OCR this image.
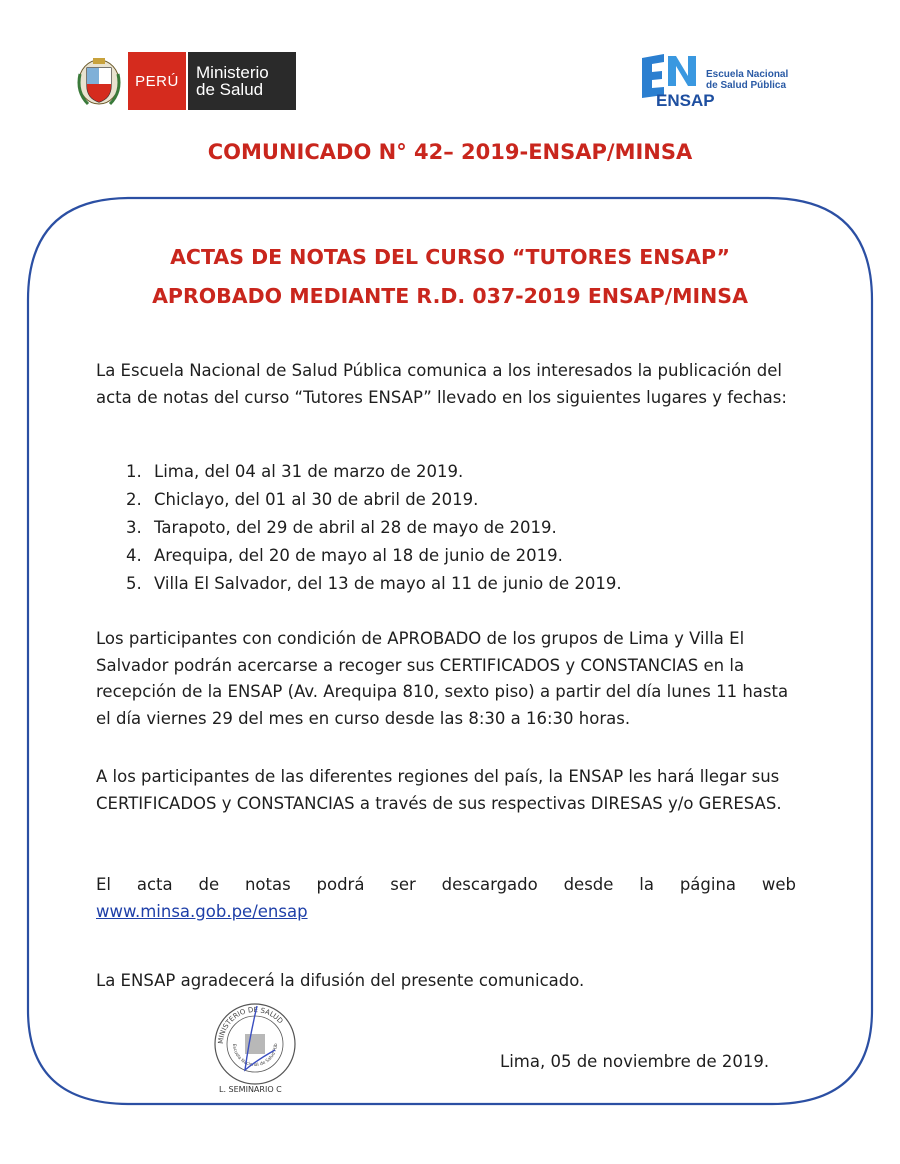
PERÚ	Ministerio
de Salud
ENSAP
Escuela Nacional
de Salud Pública
COMUNICADO N° 42– 2019-ENSAP/MINSA
ACTAS DE NOTAS DEL CURSO “TUTORES ENSAP”
APROBADO MEDIANTE R.D. 037-2019 ENSAP/MINSA
La Escuela Nacional de Salud Pública comunica a los interesados la publicación del acta de notas del curso “Tutores ENSAP” llevado en los siguientes lugares y fechas:
1. Lima, del 04 al 31 de marzo de 2019.
2. Chiclayo, del 01 al 30 de abril de 2019.
3. Tarapoto, del 29 de abril al 28 de mayo de 2019.
4. Arequipa, del 20 de mayo al 18 de junio de 2019.
5. Villa El Salvador, del 13 de mayo al 11 de junio de 2019.
Los participantes con condición de APROBADO de los grupos de Lima y Villa El Salvador podrán acercarse a recoger sus CERTIFICADOS y CONSTANCIAS en la recepción de la ENSAP (Av. Arequipa 810, sexto piso) a partir del día lunes 11 hasta el día viernes 29 del mes en curso desde las 8:30 a 16:30 horas.
A los participantes de las diferentes regiones del país, la ENSAP les hará llegar sus CERTIFICADOS y CONSTANCIAS a través de sus respectivas DIRESAS y/o GERESAS.
El acta de notas podrá ser descargado desde la página web www.minsa.gob.pe/ensap
La ENSAP agradecerá la difusión del presente comunicado.
MINISTERIO DE SALUD
Escuela Nacional de Salud Púb
L. SEMINARIO C
Lima, 05 de noviembre de 2019.
